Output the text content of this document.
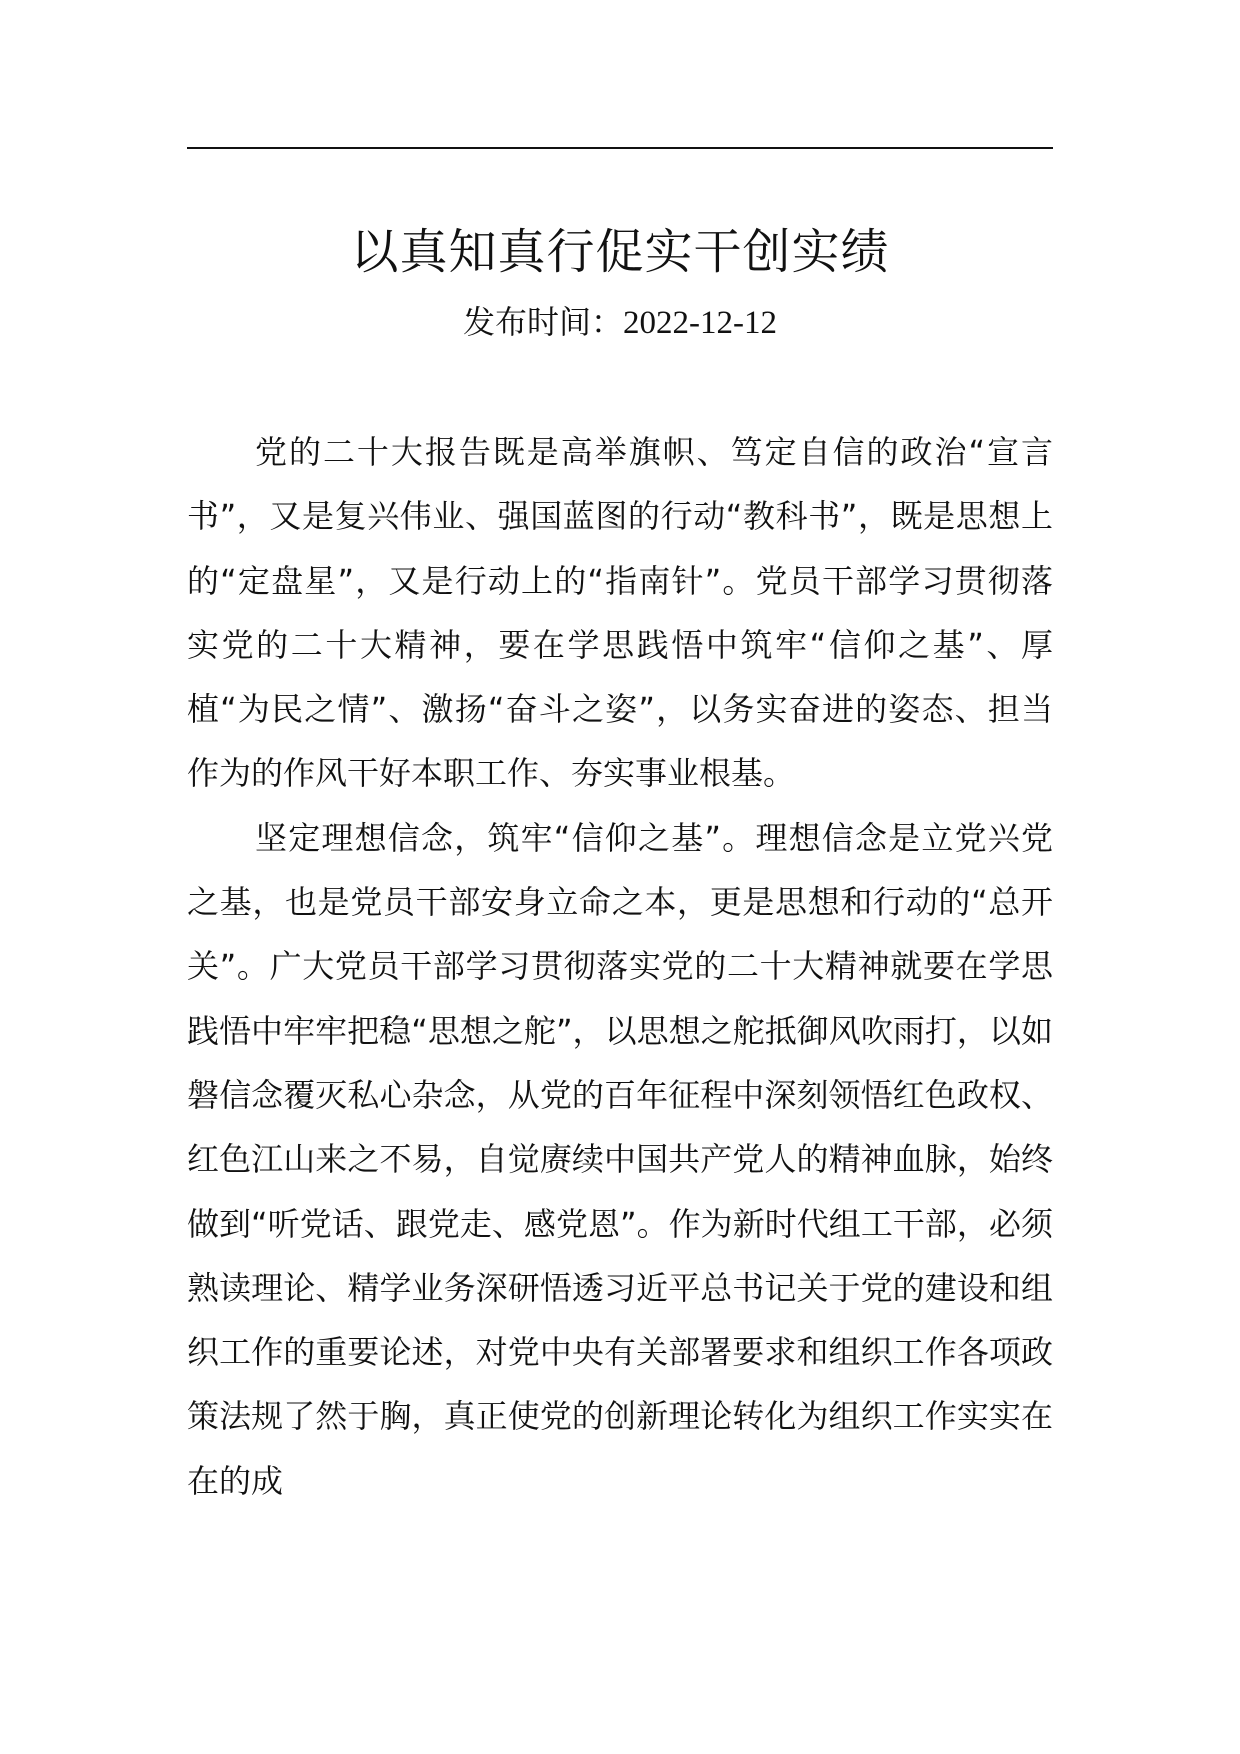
以真知真行促实干创实绩
发布时间：2022-12-12

党的二十大报告既是高举旗帜、笃定自信的政治“宣言书”，又是复兴伟业、强国蓝图的行动“教科书”，既是思想上的“定盘星”，又是行动上的“指南针”。党员干部学习贯彻落实党的二十大精神，要在学思践悟中筑牢“信仰之基”、厚植“为民之情”、激扬“奋斗之姿”，以务实奋进的姿态、担当作为的作风干好本职工作、夯实事业根基。

坚定理想信念，筑牢“信仰之基”。理想信念是立党兴党之基，也是党员干部安身立命之本，更是思想和行动的“总开关”。广大党员干部学习贯彻落实党的二十大精神就要在学思践悟中牢牢把稳“思想之舵”，以思想之舵抵御风吹雨打，以如磐信念覆灭私心杂念，从党的百年征程中深刻领悟红色政权、红色江山来之不易，自觉赓续中国共产党人的精神血脉，始终做到“听党话、跟党走、感党恩”。作为新时代组工干部，必须熟读理论、精学业务深研悟透习近平总书记关于党的建设和组织工作的重要论述，对党中央有关部署要求和组织工作各项政策法规了然于胸，真正使党的创新理论转化为组织工作实实在在的成
